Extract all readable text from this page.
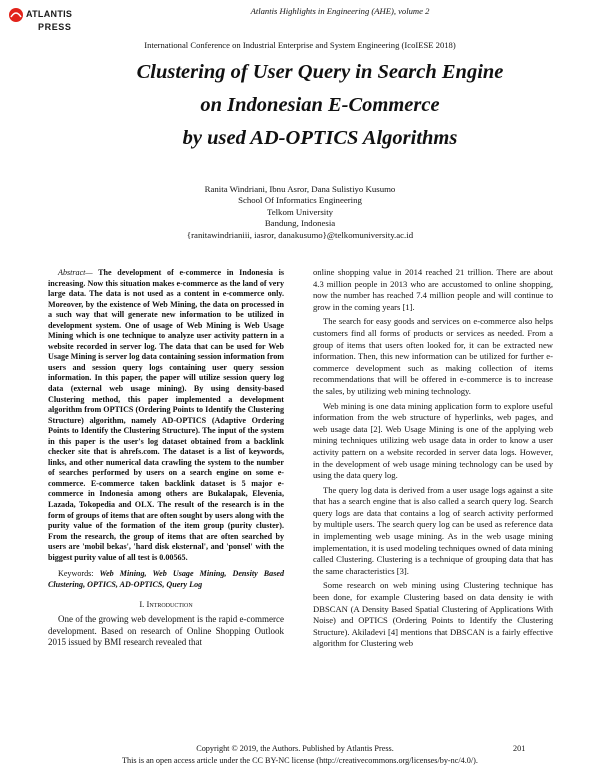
ATLANTIS
PRESS
Atlantis Highlights in Engineering (AHE), volume 2
International Conference on Industrial Enterprise and System Engineering (IcoIESE 2018)
Clustering of User Query in Search Engine
on Indonesian E-Commerce
by used AD-OPTICS Algorithms
Ranita Windriani, Ibnu Asror, Dana Sulistiyo Kusumo
School Of Informatics Engineering
Telkom University
Bandung, Indonesia
{ranitawindrianiii, iasror, danakusumo}@telkomuniversity.ac.id

Abstract— The development of e-commerce in Indonesia is increasing. Now this situation makes e-commerce as the land of very large data. The data is not used as a content in e-commerce only. Moreover, by the existence of Web Mining, the data on processed in a such way that will generate new information to be utilized in development system. One of usage of Web Mining is Web Usage Mining which is one technique to analyze user activity pattern in a website recorded in server log. The data that can be used for Web Usage Mining is server log data containing session information from users and session query logs containing user query session information. In this paper, the paper will utilize session query log data (external web usage mining). By using density-based Clustering method, this paper implemented a development algorithm from OPTICS (Ordering Points to Identify the Clustering Structure) algorithm, namely AD-OPTICS (Adaptive Ordering Points to Identify the Clustering Structure). The input of the system in this paper is the user's log dataset obtained from a backlink checker site that is ahrefs.com. The dataset is a list of keywords, links, and other numerical data crawling the system to the number of searches performed by users on a search engine on some e-commerce. E-commerce taken backlink dataset is 5 major e-commerce in Indonesia among others are Bukalapak, Elevenia, Lazada, Tokopedia and OLX. The result of the research is in the form of groups of items that are often sought by users along with the purity value of the formation of the item group (purity cluster). From the research, the group of items that are often searched by users are 'mobil bekas', 'hard disk eksternal', and 'ponsel' with the biggest purity value of all test is 0.00565.

Keywords: Web Mining, Web Usage Mining, Density Based Clustering, OPTICS, AD-OPTICS, Query Log

I. Introduction

One of the growing web development is the rapid e-commerce development. Based on research of Online Shopping Outlook 2015 issued by BMI research revealed that

online shopping value in 2014 reached 21 trillion. There are about 4.3 million people in 2013 who are accustomed to online shopping, now the number has reached 7.4 million people and will continue to grow in the coming years [1].

The search for easy goods and services on e-commerce also helps customers find all forms of products or services as needed. From a group of items that users often looked for, it can be extracted new information. Then, this new information can be utilized for further e-commerce development such as making collection of items recommendations that will be offered in e-commerce is to increase the sales, by utilizing web mining technology.

Web mining is one data mining application form to explore useful information from the web structure of hyperlinks, web pages, and web usage data [2]. Web Usage Mining is one of the applying web mining techniques utilizing web usage data in order to know a user activity pattern on a website recorded in server data logs. However, in the development of web usage mining technology can be used by using the data query log.

The query log data is derived from a user usage logs against a site that has a search engine that is also called a search query log. Search query logs are data that contains a log of search activity performed by multiple users. The search query log can be used as reference data in implementing web usage mining. As in the web usage mining implementation, it is used modeling techniques owned of data mining called Clustering. Clustering is a technique of grouping data that has the same characteristics [3].

Some research on web mining using Clustering technique has been done, for example Clustering based on data density ie with DBSCAN (A Density Based Spatial Clustering of Applications With Noise) and OPTICS (Ordering Points to Identify the Clustering Structure). Akiladevi [4] mentions that DBSCAN is a fairly effective algorithm for Clustering web

Copyright © 2019, the Authors. Published by Atlantis Press.	201
This is an open access article under the CC BY-NC license (http://creativecommons.org/licenses/by-nc/4.0/).
